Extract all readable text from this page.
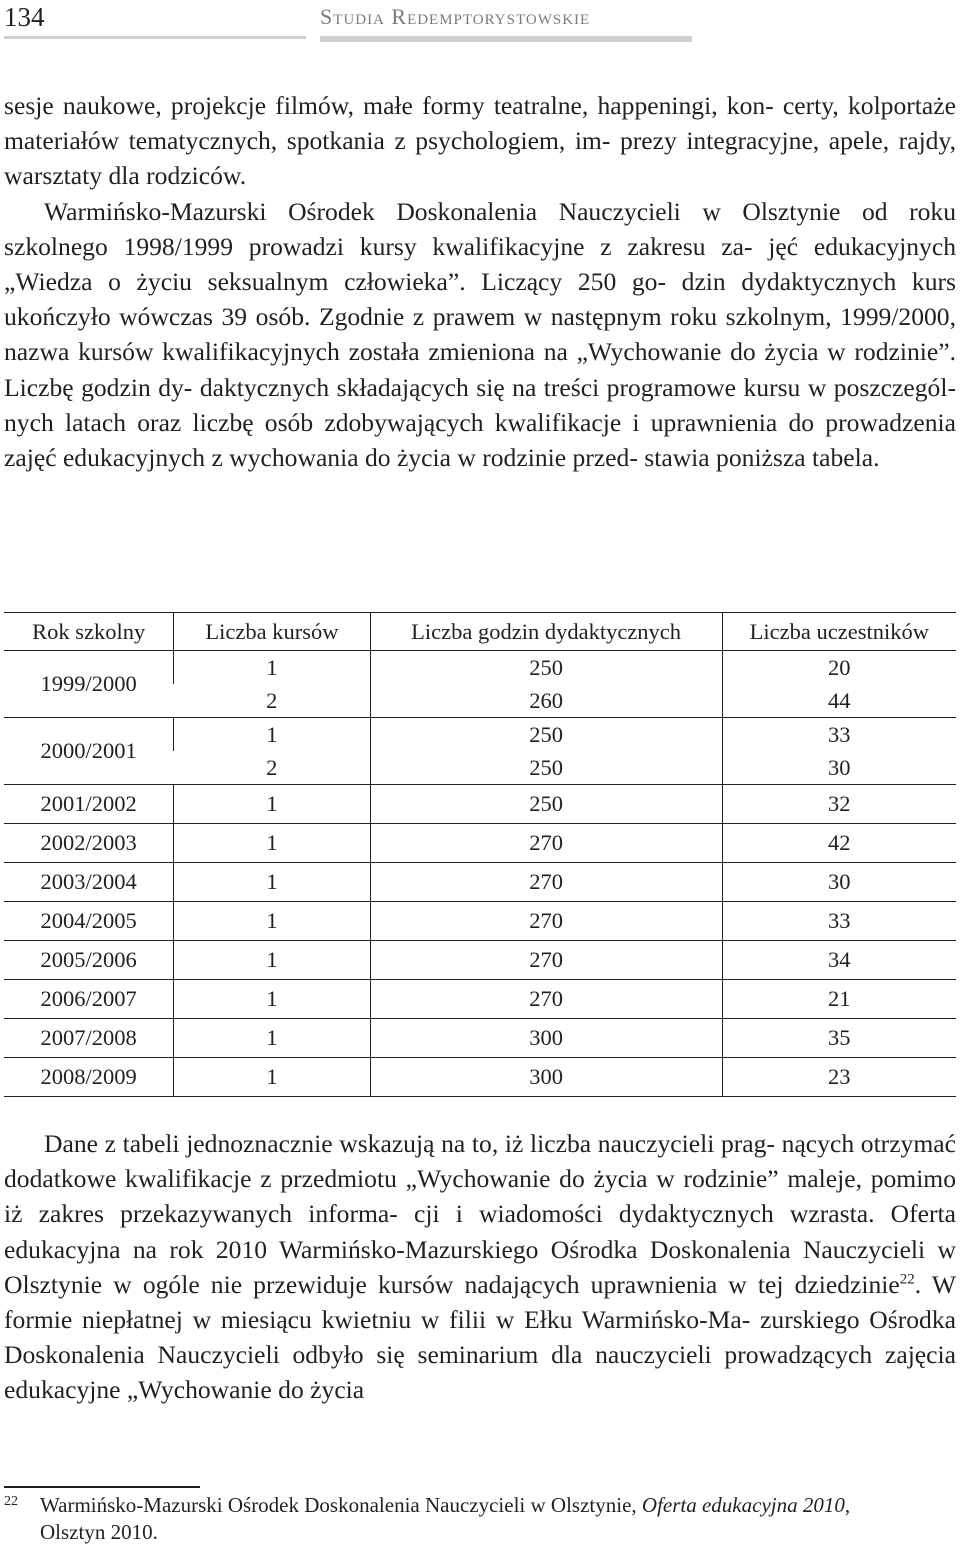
134	Studia Redemptorystowskie

sesje naukowe, projekcje filmów, małe formy teatralne, happeningi, kon- certy, kolportaże materiałów tematycznych, spotkania z psychologiem, im- prezy integracyjne, apele, rajdy, warsztaty dla rodziców.

Warmińsko-Mazurski Ośrodek Doskonalenia Nauczycieli w Olsztynie od roku szkolnego 1998/1999 prowadzi kursy kwalifikacyjne z zakresu za- jęć edukacyjnych „Wiedza o życiu seksualnym człowieka”. Liczący 250 go- dzin dydaktycznych kurs ukończyło wówczas 39 osób. Zgodnie z prawem w następnym roku szkolnym, 1999/2000, nazwa kursów kwalifikacyjnych została zmieniona na „Wychowanie do życia w rodzinie”. Liczbę godzin dy- daktycznych składających się na treści programowe kursu w poszczegól- nych latach oraz liczbę osób zdobywających kwalifikacje i uprawnienia do prowadzenia zajęć edukacyjnych z wychowania do życia w rodzinie przed- stawia poniższa tabela.

Rok szkolny	Liczba kursów	Liczba godzin dydaktycznych	Liczba uczestników
1999/2000	1	250	20
	2	260	44
2000/2001	1	250	33
	2	250	30
2001/2002	1	250	32
2002/2003	1	270	42
2003/2004	1	270	30
2004/2005	1	270	33
2005/2006	1	270	34
2006/2007	1	270	21
2007/2008	1	300	35
2008/2009	1	300	23

Dane z tabeli jednoznacznie wskazują na to, iż liczba nauczycieli prag- nących otrzymać dodatkowe kwalifikacje z przedmiotu „Wychowanie do życia w rodzinie” maleje, pomimo iż zakres przekazywanych informa- cji i wiadomości dydaktycznych wzrasta. Oferta edukacyjna na rok 2010 Warmińsko-Mazurskiego Ośrodka Doskonalenia Nauczycieli w Olsztynie w ogóle nie przewiduje kursów nadających uprawnienia w tej dziedzinie$^{22}$. W formie niepłatnej w miesiącu kwietniu w filii w Ełku Warmińsko-Ma- zurskiego Ośrodka Doskonalenia Nauczycieli odbyło się seminarium dla nauczycieli prowadzących zajęcia edukacyjne „Wychowanie do życia

22 Warmińsko-Mazurski Ośrodek Doskonalenia Nauczycieli w Olsztynie, Oferta edukacyjna 2010,
Olsztyn 2010.
